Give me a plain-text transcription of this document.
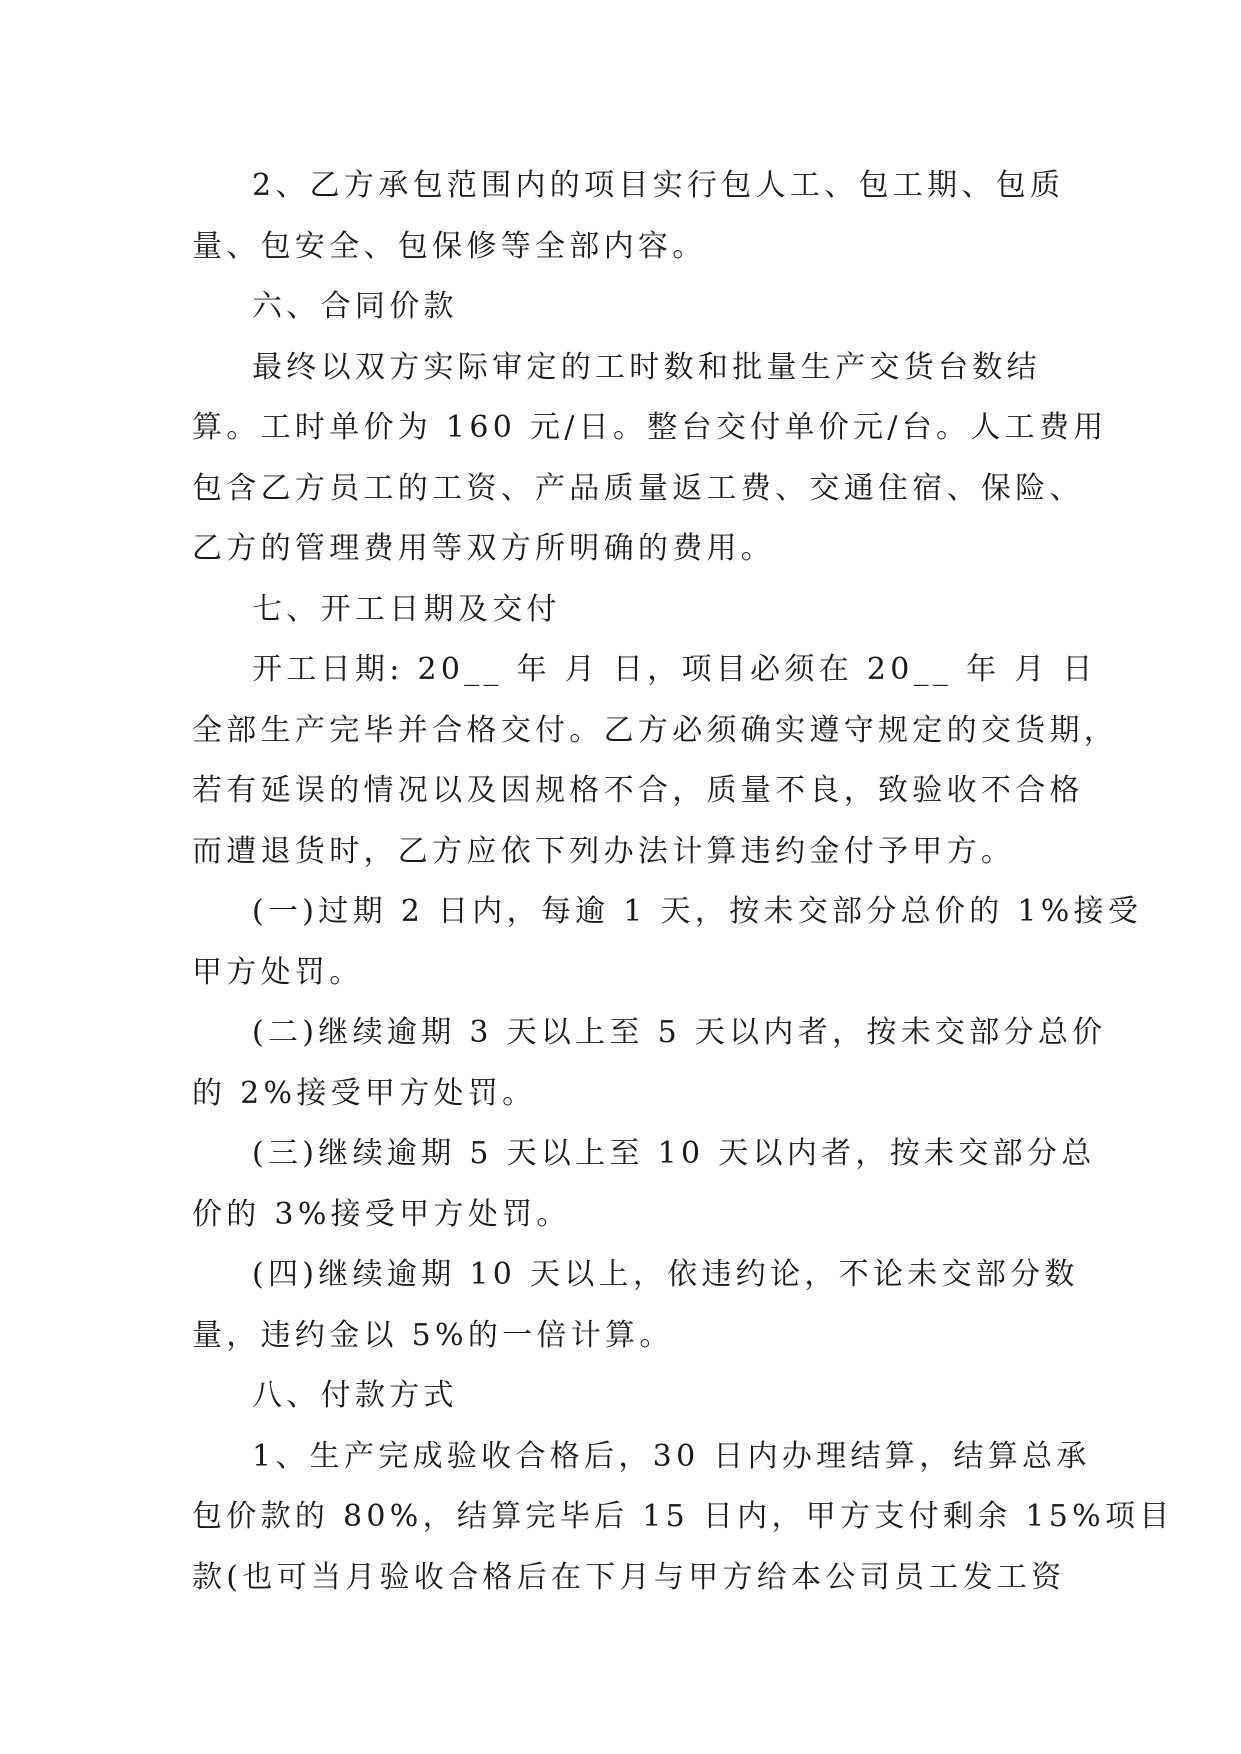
2、乙方承包范围内的项目实行包人工、包工期、包质
量、包安全、包保修等全部内容。

六、合同价款

最终以双方实际审定的工时数和批量生产交货台数结
算。工时单价为 160 元/日。整台交付单价元/台。人工费用
包含乙方员工的工资、产品质量返工费、交通住宿、保险、
乙方的管理费用等双方所明确的费用。

七、开工日期及交付

开工日期: 20__ 年 月 日，项目必须在 20__ 年 月 日
全部生产完毕并合格交付。乙方必须确实遵守规定的交货期，
若有延误的情况以及因规格不合，质量不良，致验收不合格
而遭退货时，乙方应依下列办法计算违约金付予甲方。

(一)过期 2 日内，每逾 1 天，按未交部分总价的 1%接受
甲方处罚。

(二)继续逾期 3 天以上至 5 天以内者，按未交部分总价
的 2%接受甲方处罚。

(三)继续逾期 5 天以上至 10 天以内者，按未交部分总
价的 3%接受甲方处罚。

(四)继续逾期 10 天以上，依违约论，不论未交部分数
量，违约金以 5%的一倍计算。

八、付款方式

1、生产完成验收合格后，30 日内办理结算，结算总承
包价款的 80%，结算完毕后 15 日内，甲方支付剩余 15%项目
款(也可当月验收合格后在下月与甲方给本公司员工发工资
